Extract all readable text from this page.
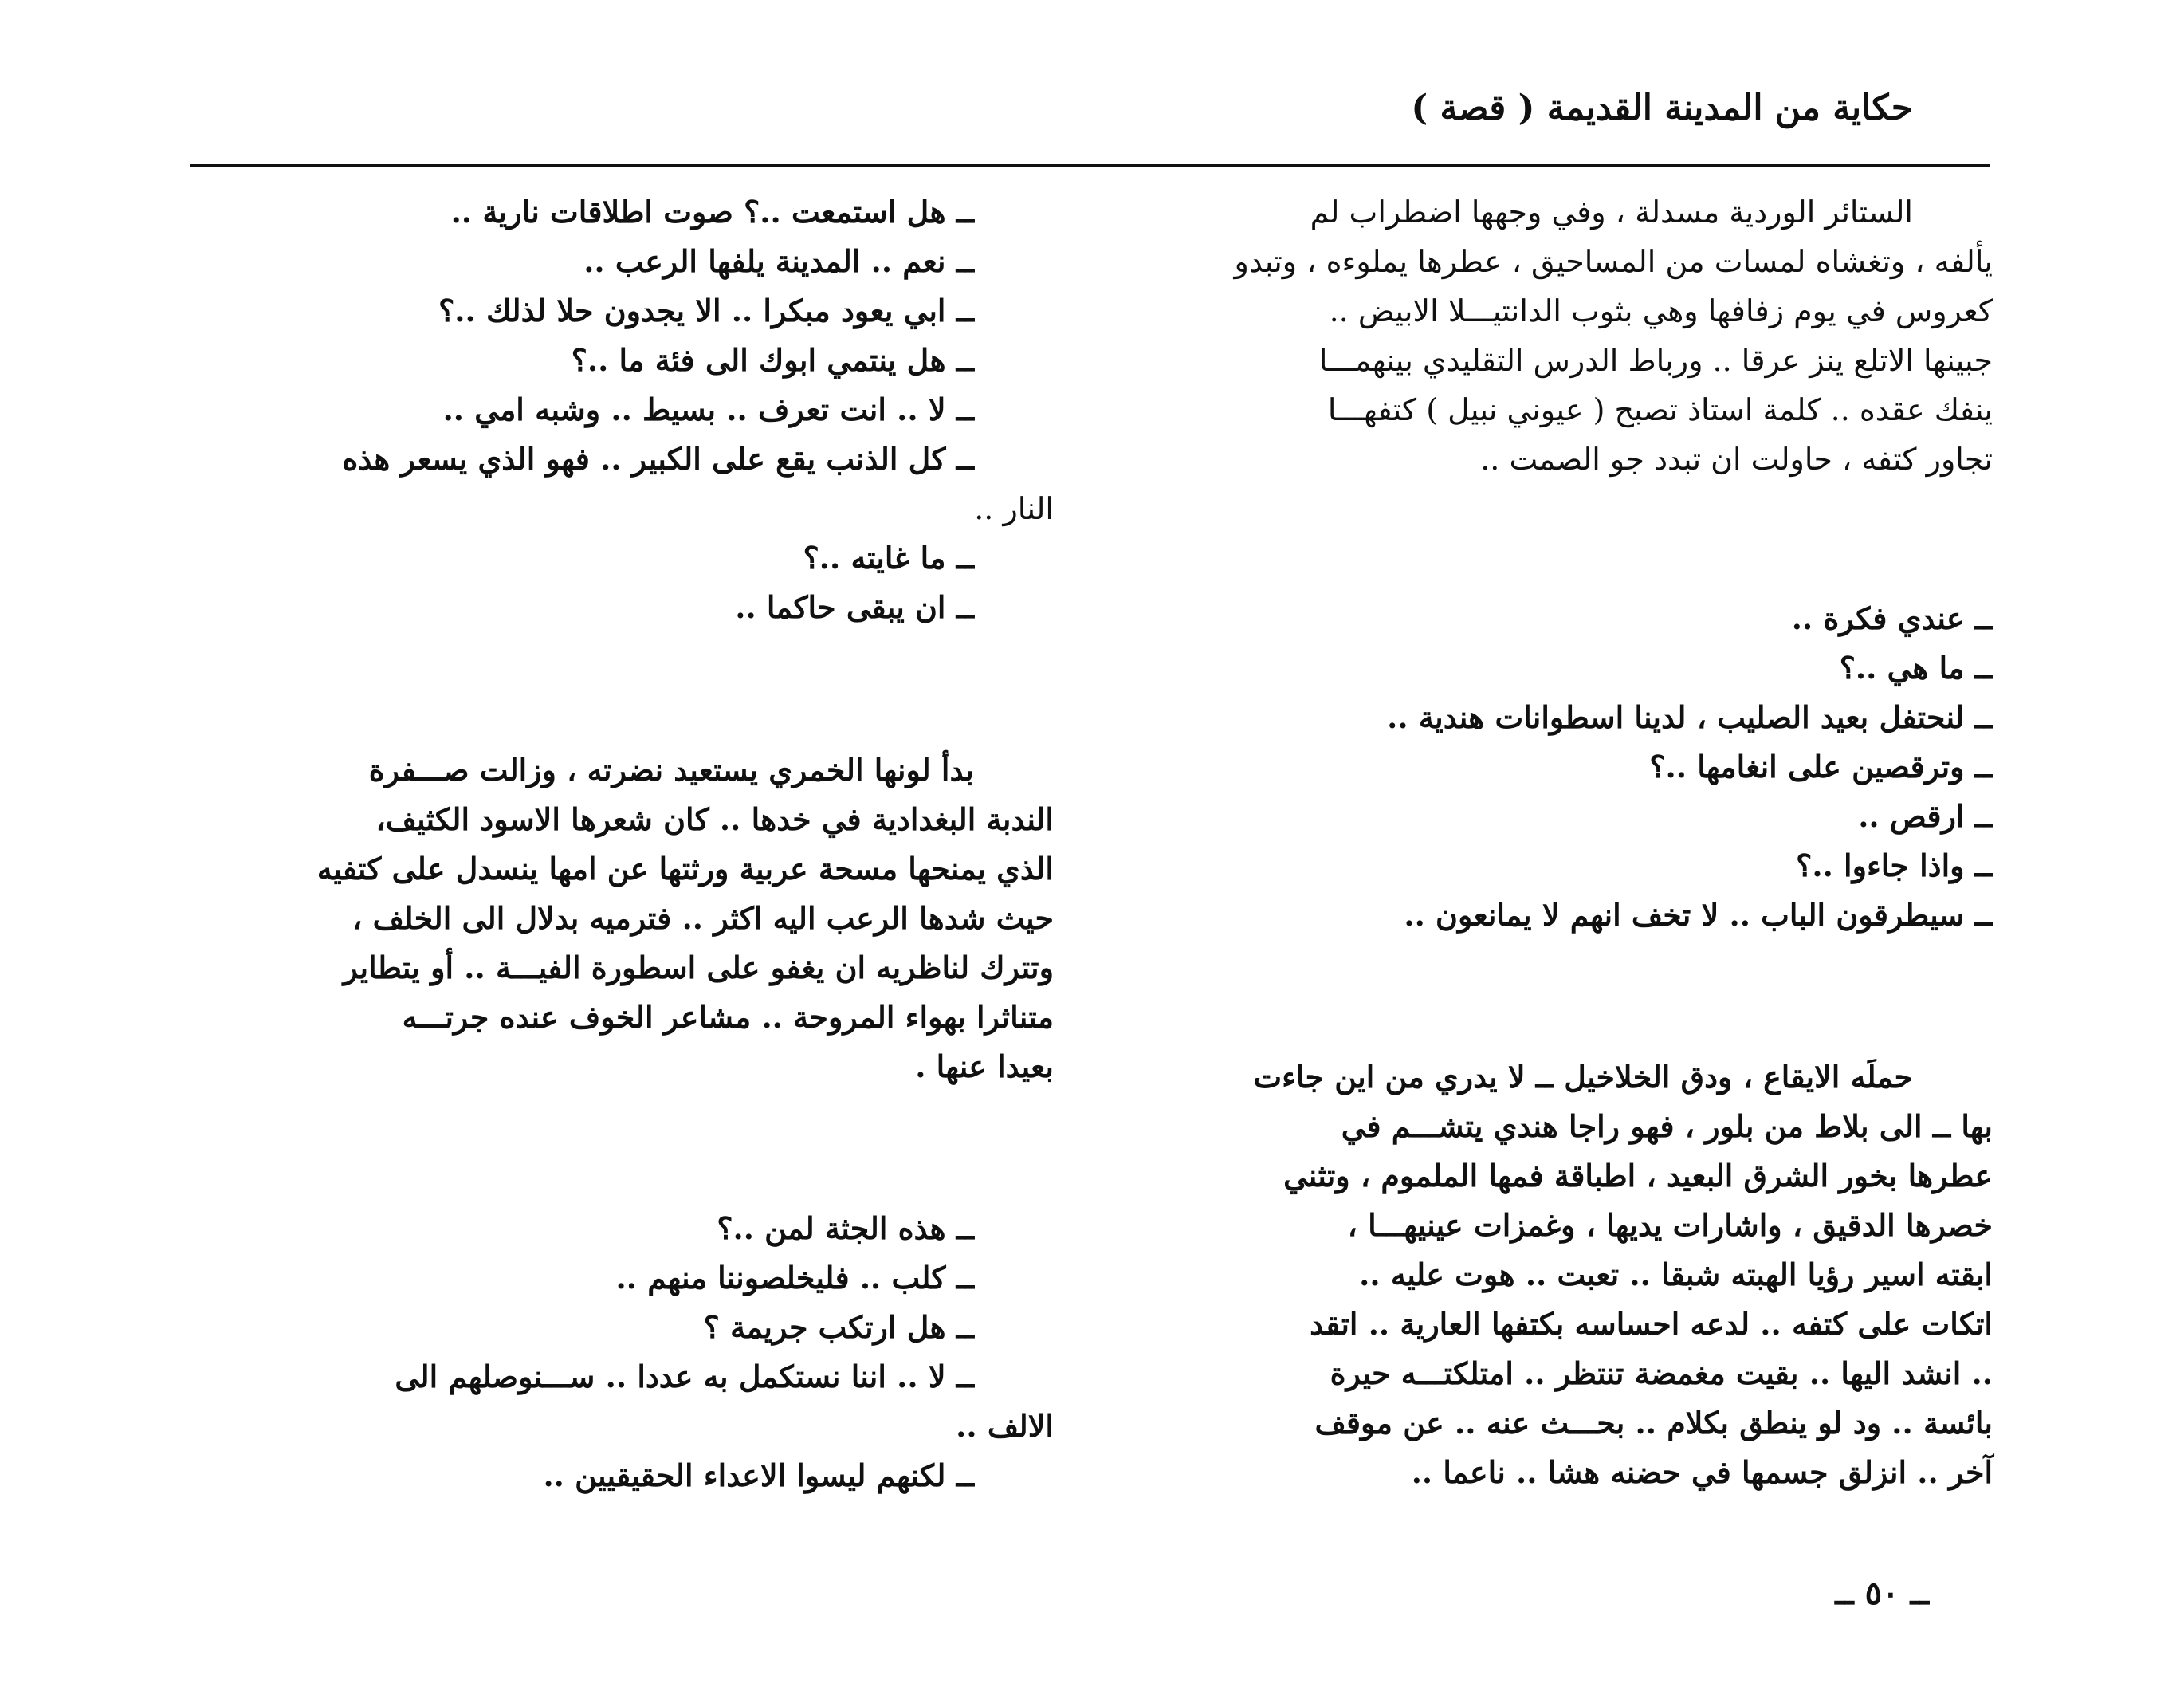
حكاية من المدينة القديمة ( قصة )
الستائر الوردية مسدلة ، وفي وجهها اضطراب لم
يألفه ، وتغشاه لمسات من المساحيق ، عطرها يملوءه ، وتبدو
كعروس في يوم زفافها وهي بثوب الدانتيـــلا الابيض ..
جبينها الاتلع ينز عرقا .. ورباط الدرس التقليدي بينهمـــا
ينفك عقده .. كلمة استاذ تصبح ( عيوني نبيل ) كتفهـــا
تجاور كتفه ، حاولت ان تبدد جو الصمت ..
ــ عندي فكرة ..
ــ ما هي ..؟
ــ لنحتفل بعيد الصليب ، لدينا اسطوانات هندية ..
ــ وترقصين على انغامها ..؟
ــ ارقص ..
ــ واذا جاءوا ..؟
ــ سيطرقون الباب .. لا تخف انهم لا يمانعون ..
حملَه الايقاع ، ودق الخلاخيل ــ لا يدري من اين جاءت
بها ــ الى بلاط من بلور ، فهو راجا هندي يتشـــم في
عطرها بخور الشرق البعيد ، اطباقة فمها الملموم ، وتثني
خصرها الدقيق ، واشارات يديها ، وغمزات عينيهـــا ،
ابقته اسير رؤيا الهبته شبقا .. تعبت .. هوت عليه ..
اتكات على كتفه .. لدعه احساسه بكتفها العارية .. اتقد
.. انشد اليها .. بقيت مغمضة تنتظر .. امتلكتـــه حيرة
بائسة .. ود لو ينطق بكلام .. بحـــث عنه .. عن موقف
آخر .. انزلق جسمها في حضنه هشا .. ناعما ..
ــ هل استمعت ..؟ صوت اطلاقات نارية ..
ــ نعم .. المدينة يلفها الرعب ..
ــ ابي يعود مبكرا .. الا يجدون حلا لذلك ..؟
ــ هل ينتمي ابوك الى فئة ما ..؟
ــ لا .. انت تعرف .. بسيط .. وشبه امي ..
ــ كل الذنب يقع على الكبير .. فهو الذي يسعر هذه
النار ..
ــ ما غايته ..؟
ــ ان يبقى حاكما ..
بدأ لونها الخمري يستعيد نضرته ، وزالت صـــفرة
الندبة البغدادية في خدها .. كان شعرها الاسود الكثيف،
الذي يمنحها مسحة عربية ورثتها عن امها ينسدل على كتفيه
حيث شدها الرعب اليه اكثر .. فترميه بدلال الى الخلف ،
وتترك لناظريه ان يغفو على اسطورة الفيـــة .. أو يتطاير
متناثرا بهواء المروحة .. مشاعر الخوف عنده جرتـــه
بعيدا عنها .
ــ هذه الجثة لمن ..؟
ــ كلب .. فليخلصوننا منهم ..
ــ هل ارتكب جريمة ؟
ــ لا .. اننا نستكمل به عددا .. ســـنوصلهم الى
الالف ..
ــ لكنهم ليسوا الاعداء الحقيقيين ..
ــ ٥٠ ــ
